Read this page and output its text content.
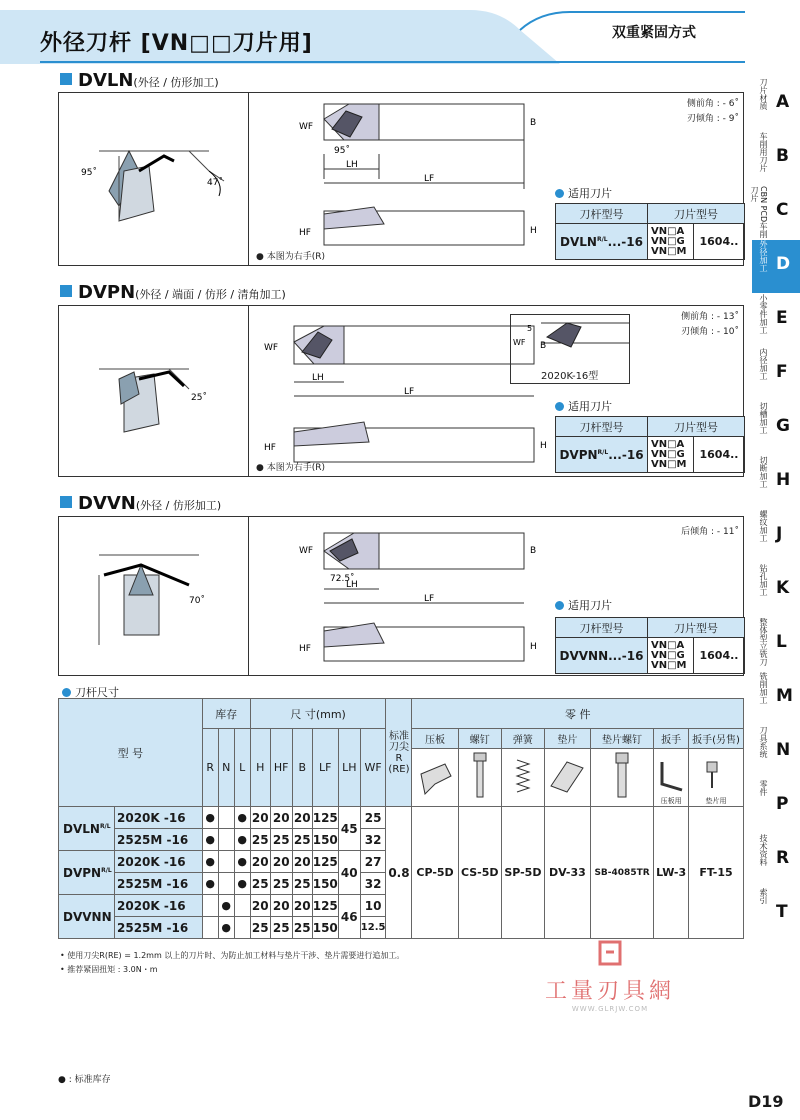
外径刀杆 [VN□□刀片用]	双重紧固方式
DVLN(外径 / 仿形加工)
95˚
47˚
LH
LF
95˚
WF	B
HF	H
侧前角 : - 6˚
刃倾角 : - 9˚
● 本图为右手(R)
适用刀片
刀杆型号	刀片型号	
$DVLN^{R/L}...-16$	VN□A
VN□G
VN□M	1604..
DVPN(外径 / 端面 / 仿形 / 清角加工)
25˚
LH
LF
WF	B
HF	H
WF
5
2020K-16型
侧前角 : - 13˚
刃倾角 : - 10˚
● 本图为右手(R)
适用刀片
刀杆型号	刀片型号	
$DVPN^{R/L}...-16$	VN□A
VN□G
VN□M	1604..
DVVN(外径 / 仿形加工)
70˚
LH
LF
72.5˚
WF	B
HF	H
后倾角 : - 11˚
适用刀片
刀杆型号	刀片型号	
DVVNN...-16	VN□A
VN□G
VN□M	1604..
刀杆尺寸
型 号		库存			尺 寸(mm)						标准刀尖R (RE)	零 件						
		R	N	L	H	HF	B	LF	LH	WF		压板	螺钉	弹簧	垫片	垫片螺钉	扳手	扳手(另售)

压板用	垫片用

$DVLN^{R/L}$	2020K -16	●		●	20	20	20	125	45	25	0.8	CP-5D	CS-5D	SP-5D	DV-33	SB-4085TR	LW-3	FT-15
	2525M -16	●		●	25	25	25	150		32								
$DVPN^{R/L}$	2020K -16	●		●	20	20	20	125	40	27								
	2525M -16	●		●	25	25	25	150		32								
DVVNN	2020K -16		●		20	20	20	125	46	10								
	2525M -16		●		25	25	25	150		12.5								
• 使用刀尖R(RE) = 1.2mm 以上的刀片时、为防止加工材料与垫片干涉、垫片需要进行追加工。
• 推荐紧固扭矩 : 3.0N・m
工量刃具網
WWW.GLRJW.COM
● : 标准库存
D19
刀片材质 A
车削用刀片 B
CBN PCD车削刀片
C
外径加工 D
小零件加工 E
内径加工 F
切槽加工 G
切断加工 H
螺纹加工 J
钻孔加工 K
整体型立铣刀 L
铣削加工 M
刀具系统 N
零件
P
技术资料 R
索引
T
